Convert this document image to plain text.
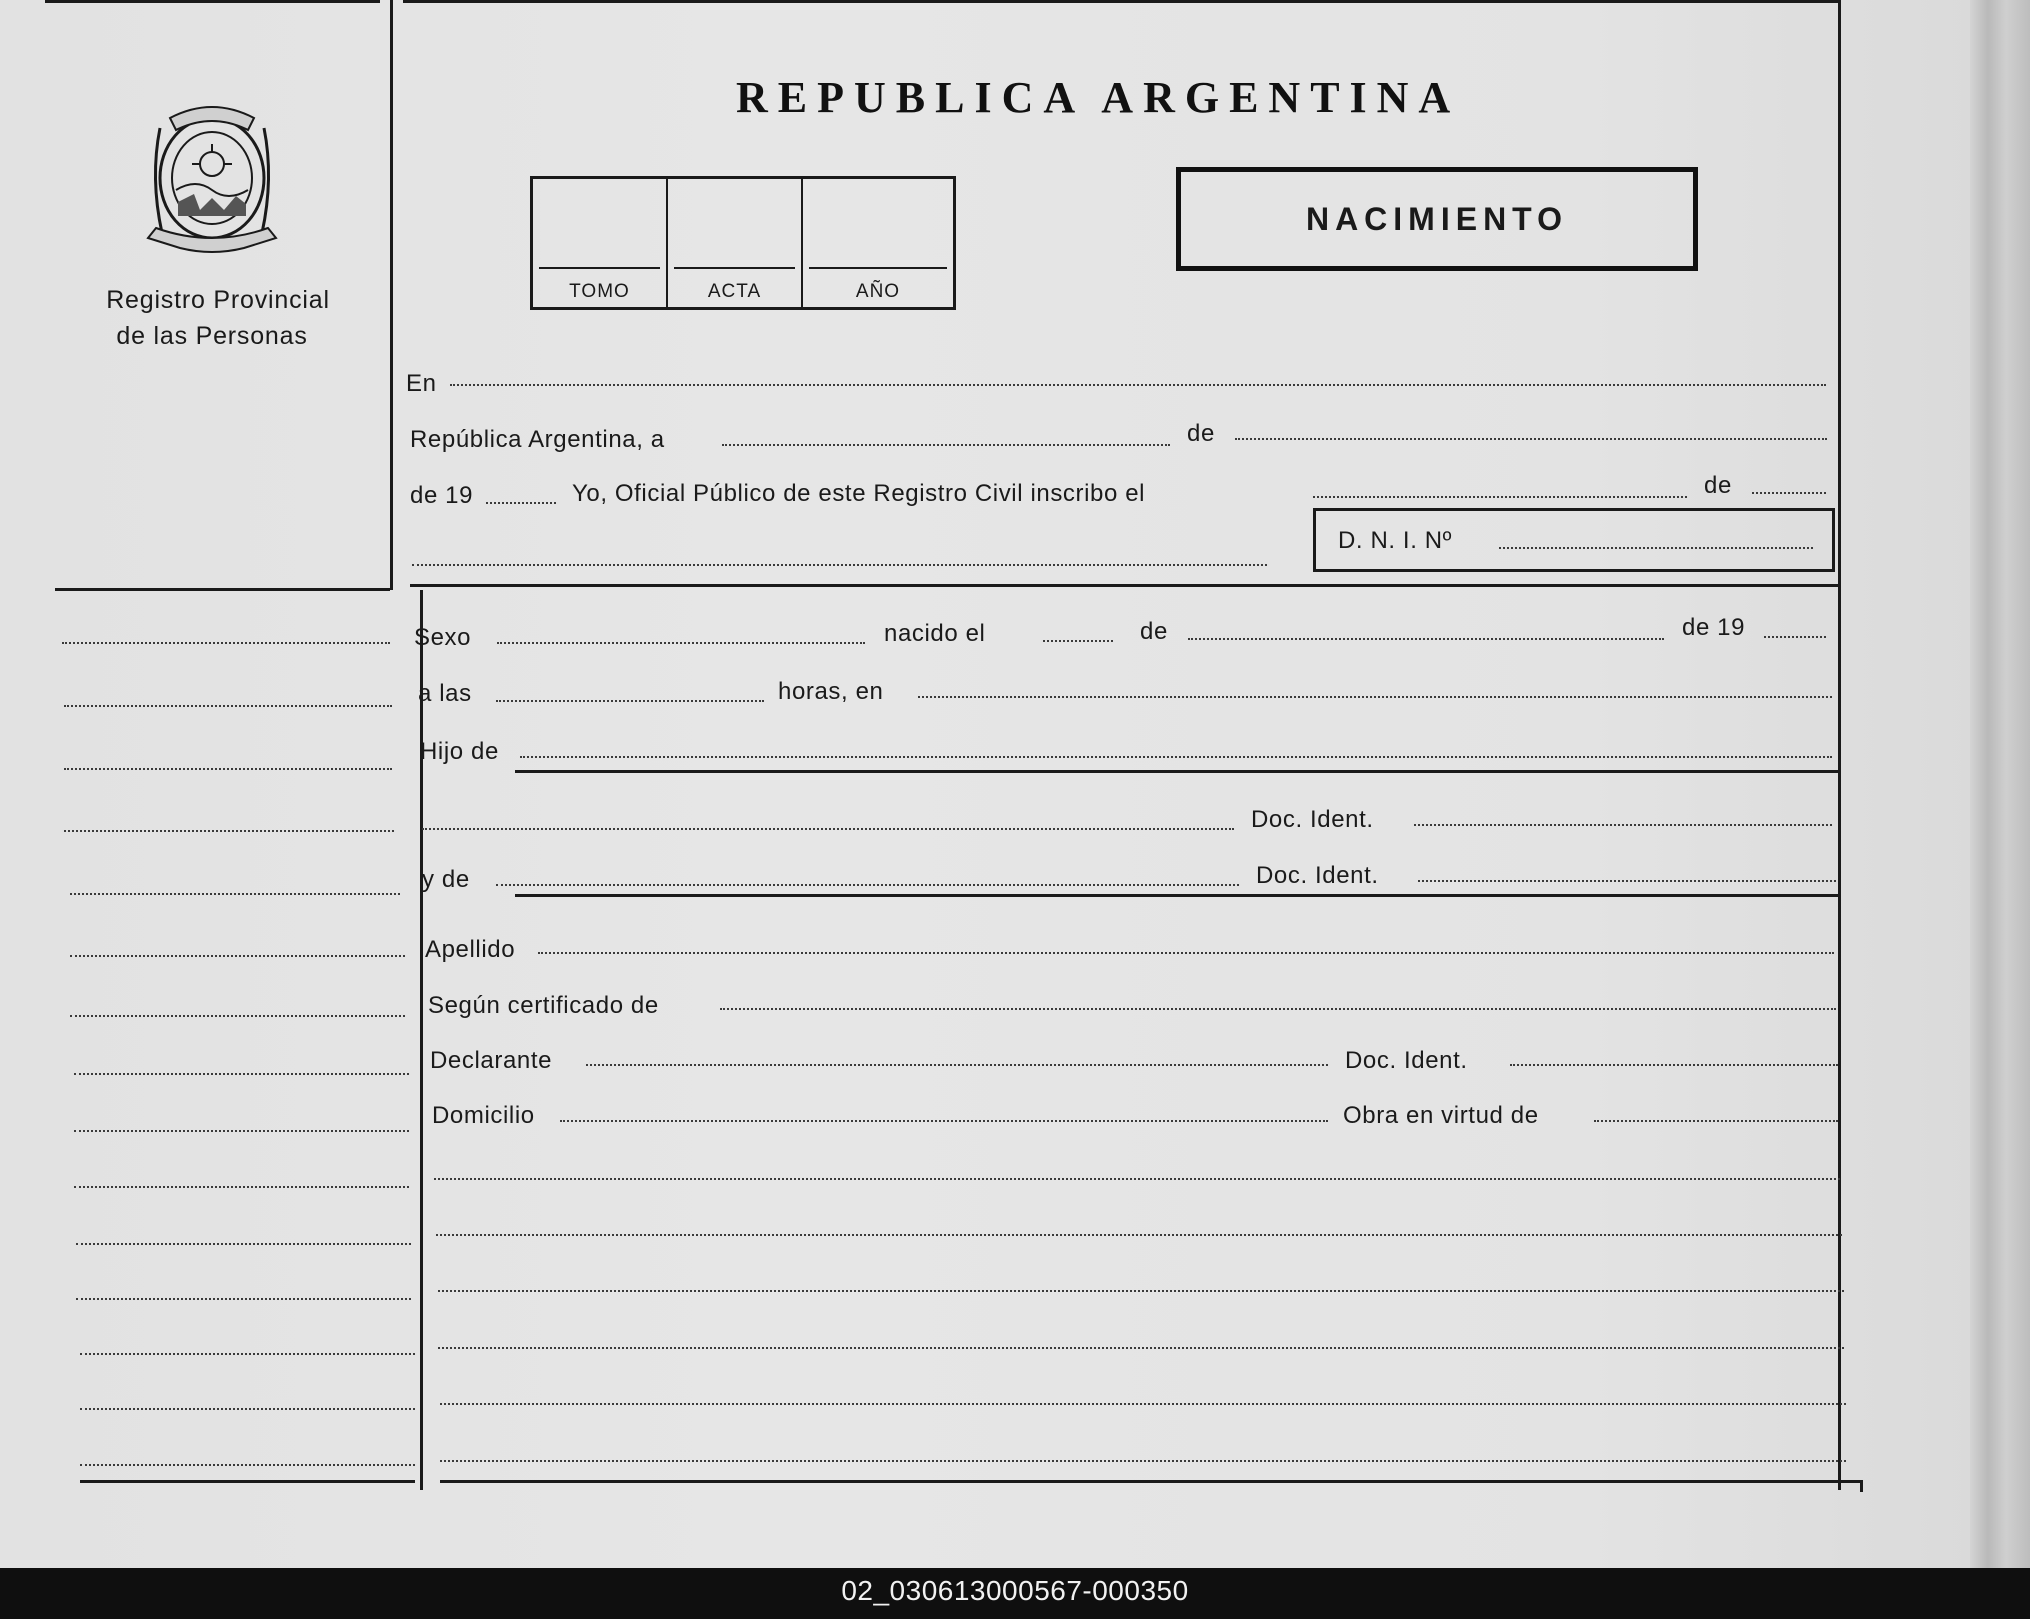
Registro Provincial
de las Personas
REPUBLICA ARGENTINA
TOMO	ACTA	AÑO
NACIMIENTO
En
República Argentina, a	de
de 19	Yo, Oficial Público de este Registro Civil inscribo el	de
D. N. I. Nº
Sexo	nacido el	de	de 19
a las	horas, en
Hijo de
Doc. Ident.
y de	Doc. Ident.
Apellido
Según certificado de
Declarante	Doc. Ident.
Domicilio	Obra en virtud de
02_030613000567-000350
